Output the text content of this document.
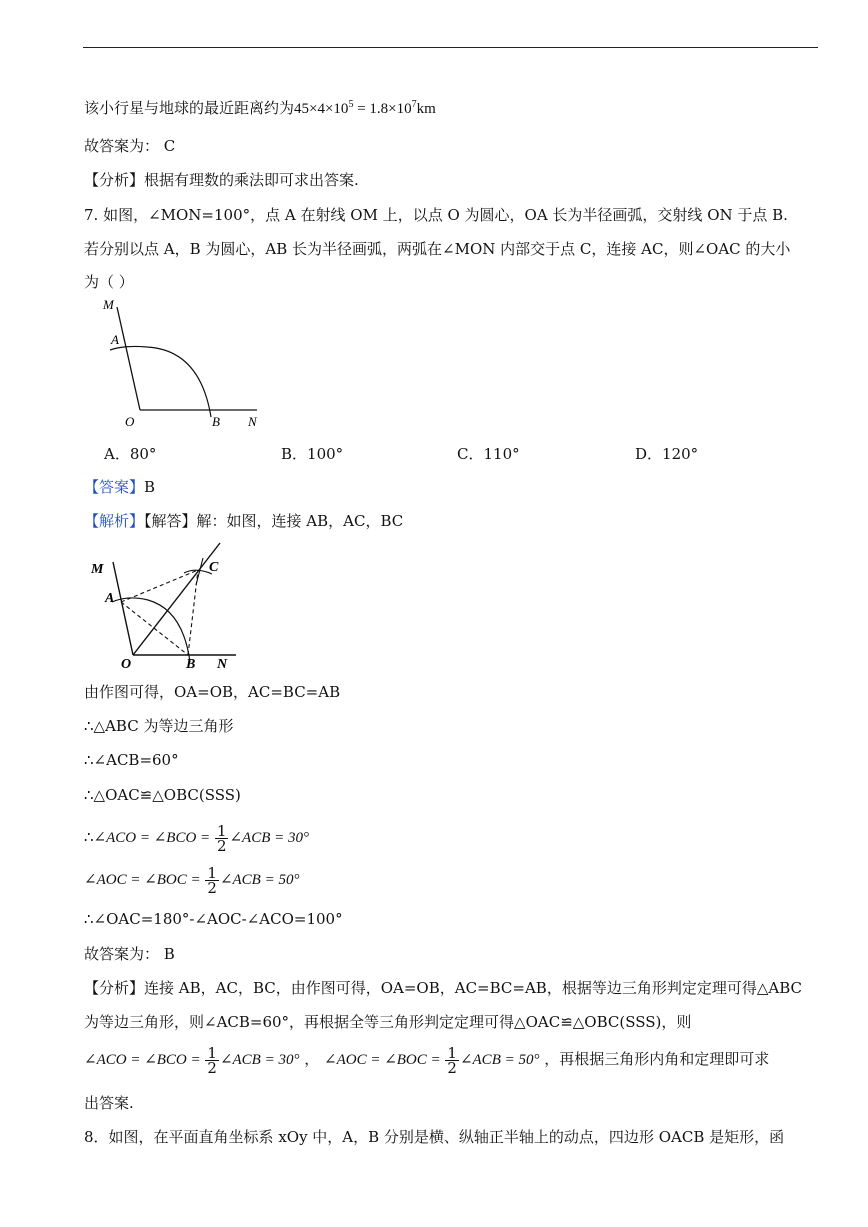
该小行星与地球的最近距离约为$45\times 4\times 10^5 = 1.8\times 10^7km$
故答案为： C
【分析】根据有理数的乘法即可求出答案.
7. 如图，∠MON=100°，点 A 在射线 OM 上，以点 O 为圆心，OA 长为半径画弧，交射线 ON 于点 B.
若分别以点 A，B 为圆心，AB 长为半径画弧，两弧在∠MON 内部交于点 C，连接 AC，则∠OAC 的大小
为（ ）
M
A
O	B N
A．80°	B．100°	C．110°	D．120°
【答案】B
【解析】【解答】解：如图，连接 AB，AC，BC
M
A
O	B N
C
由作图可得，OA=OB，AC=BC=AB
∴△ABC 为等边三角形
∴∠ACB=60°
∴△OAC≌△OBC(SSS)
∴∠ACO = ∠BCO = $\frac{1}{2}$ ∠ACB = 30°
∠AOC = ∠BOC = $\frac{1}{2}$ ∠ACB = 50°
∴∠OAC=180°-∠AOC-∠ACO=100°
故答案为： B
【分析】连接 AB，AC，BC，由作图可得，OA=OB，AC=BC=AB，根据等边三角形判定定理可得△ABC
为等边三角形，则∠ACB=60°，再根据全等三角形判定定理可得△OAC≌△OBC(SSS)，则
∠ACO = ∠BCO = $\frac{1}{2}$ ∠ACB = 30° ， ∠AOC = ∠BOC = $\frac{1}{2}$ ∠ACB = 50° ，再根据三角形内角和定理即可求
出答案.
8．如图，在平面直角坐标系 xOy 中，A，B 分别是横、纵轴正半轴上的动点，四边形 OACB 是矩形，函
